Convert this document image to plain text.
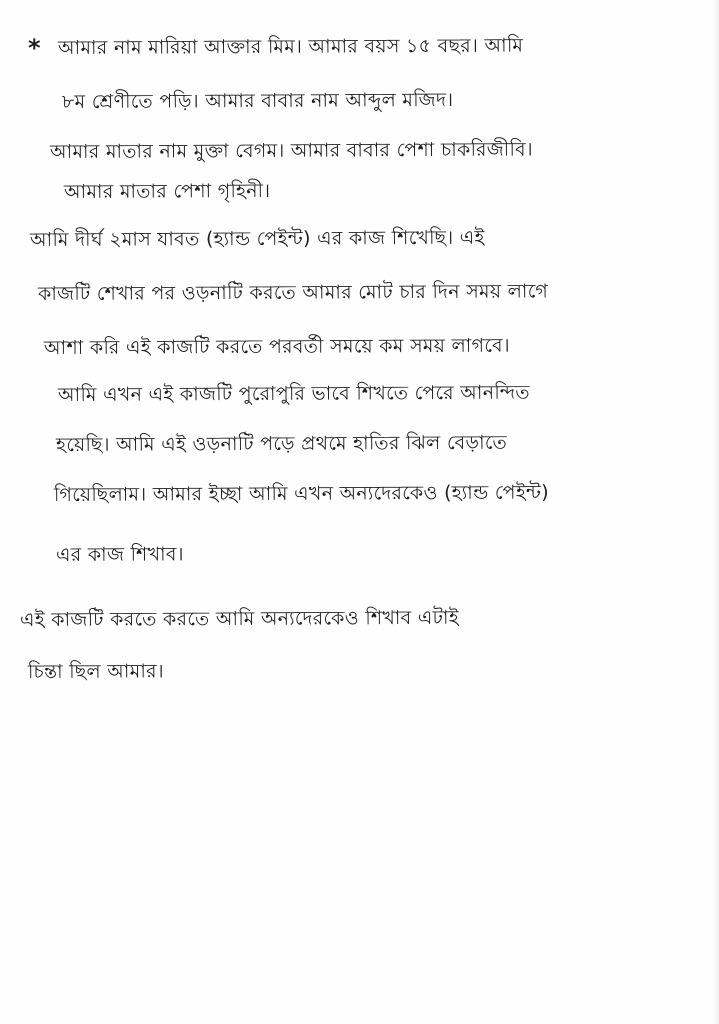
* আমার নাম মারিয়া আক্তার মিম। আমার বয়স ১৫ বছর। আমি
৮ম শ্রেণীতে পড়ি। আমার বাবার নাম আব্দুল মজিদ।
আমার মাতার নাম মুক্তা বেগম। আমার বাবার পেশা চাকরিজীবি।
আমার মাতার পেশা গৃহিনী।
আমি দীর্ঘ ২মাস যাবত (হ্যান্ড পেইন্ট) এর কাজ শিখেছি। এই
কাজটি শেখার পর ওড়নাটি করতে আমার মোট চার দিন সময় লাগে
আশা করি এই কাজটি করতে পরবর্তী সময়ে কম সময় লাগবে।
আমি এখন এই কাজটি পুরোপুরি ভাবে শিখতে পেরে আনন্দিত
হয়েছি। আমি এই ওড়নাটি পড়ে প্রথমে হাতির ঝিল বেড়াতে
গিয়েছিলাম। আমার ইচ্ছা আমি এখন অন্যদেরকেও (হ্যান্ড পেইন্ট)
এর কাজ শিখাব।
এই কাজটি করতে করতে আমি অন্যদেরকেও শিখাব এটাই
চিন্তা ছিল আমার।
